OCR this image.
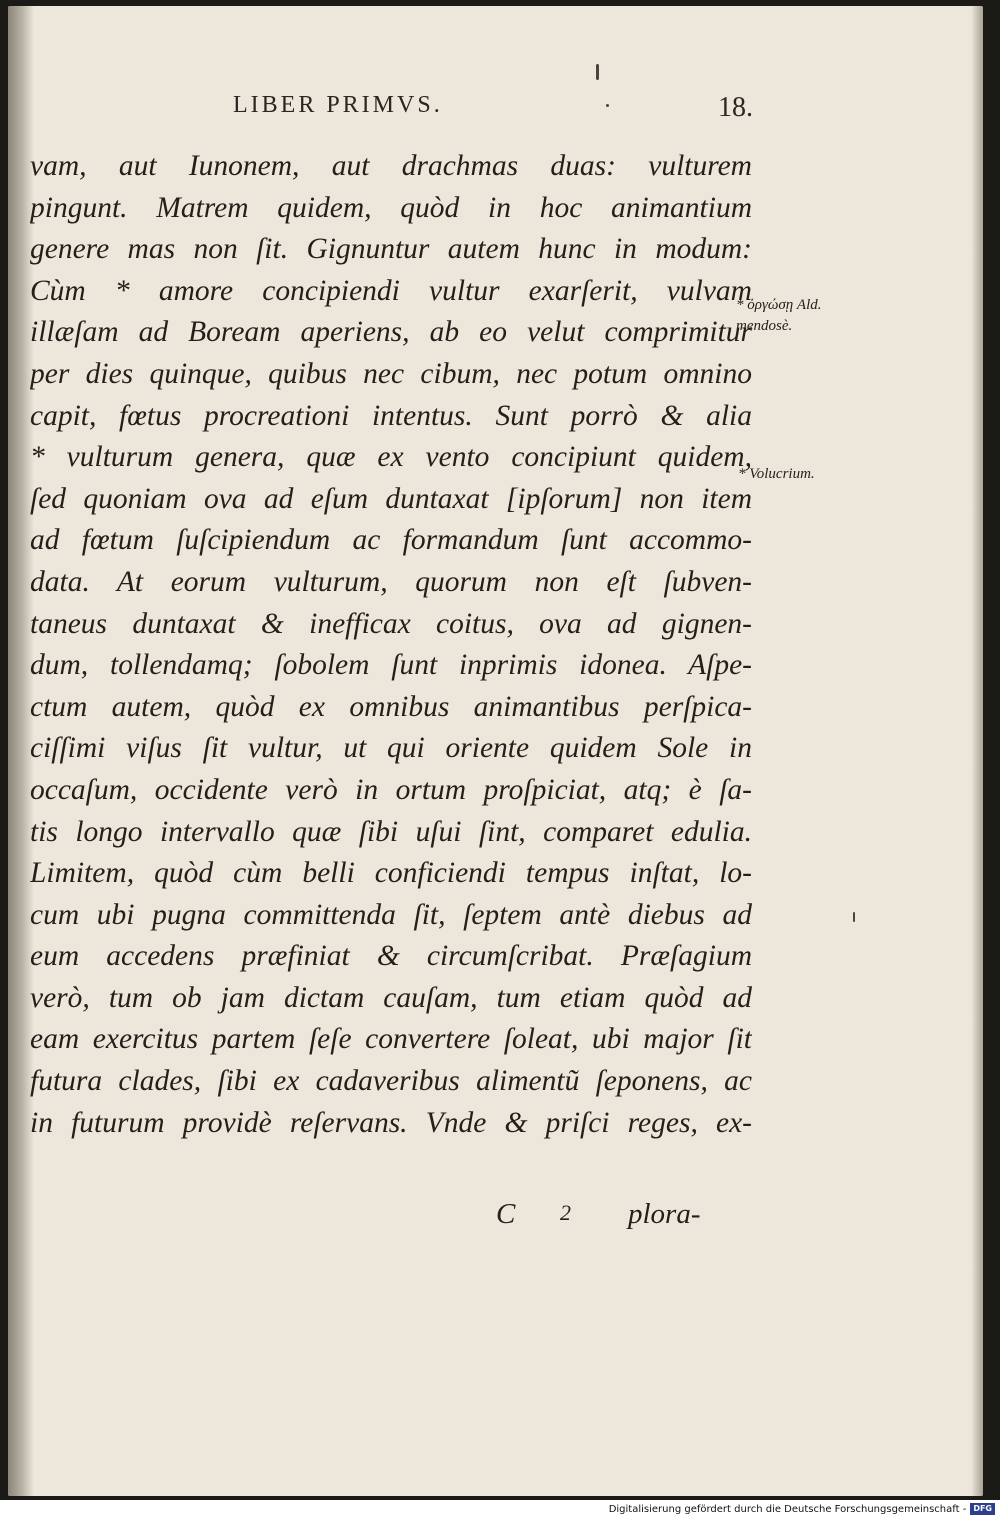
LIBER PRIMVS.	18.
vam, aut Iunonem, aut drachmas duas: vulturem
pingunt. Matrem quidem, quòd in hoc animantium
genere mas non ſit. Gignuntur autem hunc in modum:
Cùm * amore concipiendi vultur exarſerit, vulvam
illæſam ad Boream aperiens, ab eo velut comprimitur
per dies quinque, quibus nec cibum, nec potum omnino
capit, fœtus procreationi intentus. Sunt porrò & alia
* vulturum genera, quæ ex vento concipiunt quidem,
ſed quoniam ova ad eſum duntaxat [ipſorum] non item
ad fœtum ſuſcipiendum ac formandum ſunt accommo-
data. At eorum vulturum, quorum non eſt ſubven-
taneus duntaxat & inefficax coitus, ova ad gignen-
dum, tollendamq; ſobolem ſunt inprimis idonea. Aſpe-
ctum autem, quòd ex omnibus animantibus perſpica-
ciſſimi viſus ſit vultur, ut qui oriente quidem Sole in
occaſum, occidente verò in ortum proſpiciat, atq; è ſa-
tis longo intervallo quæ ſibi uſui ſint, comparet edulia.
Limitem, quòd cùm belli conficiendi tempus inſtat, lo-
cum ubi pugna committenda ſit, ſeptem antè diebus ad
eum accedens præfiniat & circumſcribat. Præſagium
verò, tum ob jam dictam cauſam, tum etiam quòd ad
eam exercitus partem ſeſe convertere ſoleat, ubi major ſit
futura clades, ſibi ex cadaveribus alimentũ ſeponens, ac
in futurum providè reſervans. Vnde & priſci reges, ex-
C 2 plora-
* ὀργώσῃ Ald.
mendosè.
* Volucrium.
Digitalisierung gefördert durch die Deutsche Forschungsgemeinschaft - DFG
